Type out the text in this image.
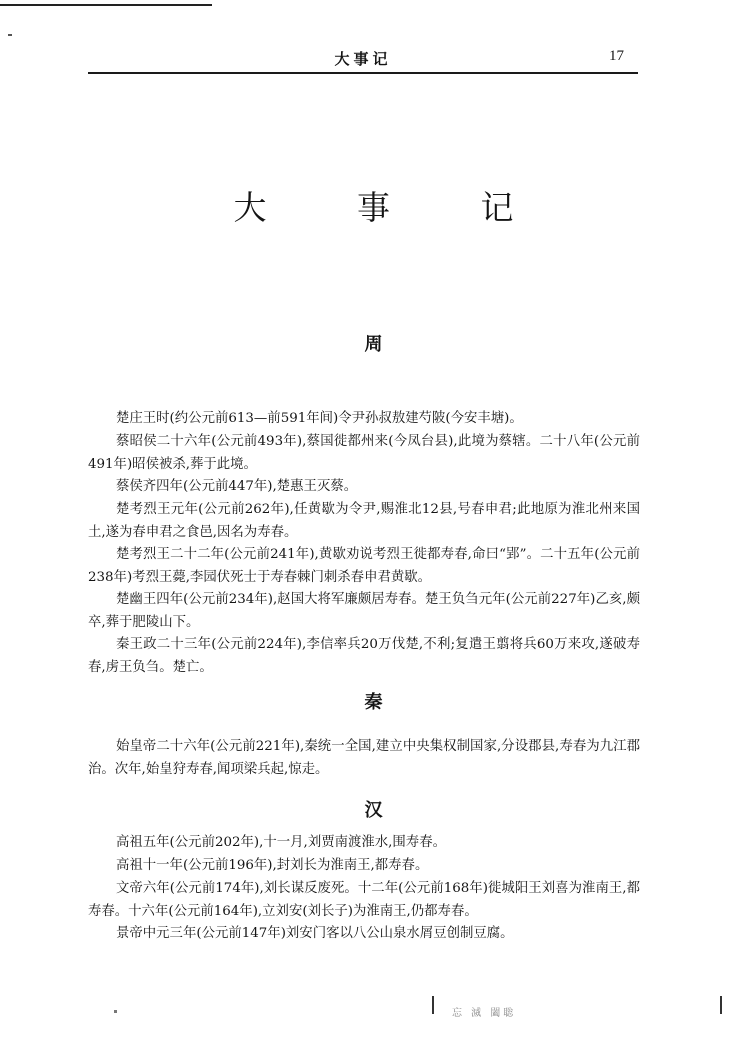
大事记	17
大 事 记
周

楚庄王时(约公元前613—前591年间)令尹孙叔敖建芍陂(今安丰塘)。

蔡昭侯二十六年(公元前493年),蔡国徙都州来(今凤台县),此境为蔡辖。二十八年(公元前491年)昭侯被杀,葬于此境。

蔡侯齐四年(公元前447年),楚惠王灭蔡。

楚考烈王元年(公元前262年),任黄歇为令尹,赐淮北12县,号春申君;此地原为淮北州来国土,遂为春申君之食邑,因名为寿春。

楚考烈王二十二年(公元前241年),黄歇劝说考烈王徙都寿春,命曰“郢”。二十五年(公元前238年)考烈王薨,李园伏死士于寿春棘门刺杀春申君黄歇。

楚幽王四年(公元前234年),赵国大将军廉颇居寿春。楚王负刍元年(公元前227年)乙亥,颇卒,葬于肥陵山下。

秦王政二十三年(公元前224年),李信率兵20万伐楚,不利;复遣王翦将兵60万来攻,遂破寿春,虏王负刍。楚亡。

秦

始皇帝二十六年(公元前221年),秦统一全国,建立中央集权制国家,分设郡县,寿春为九江郡治。次年,始皇狩寿春,闻项梁兵起,惊走。

汉

高祖五年(公元前202年),十一月,刘贾南渡淮水,围寿春。

高祖十一年(公元前196年),封刘长为淮南王,都寿春。

文帝六年(公元前174年),刘长谋反废死。十二年(公元前168年)徙城阳王刘喜为淮南王,都寿春。十六年(公元前164年),立刘安(刘长子)为淮南王,仍都寿春。

景帝中元三年(公元前147年)刘安门客以八公山泉水屑豆创制豆腐。

忘 滅 闔聡
